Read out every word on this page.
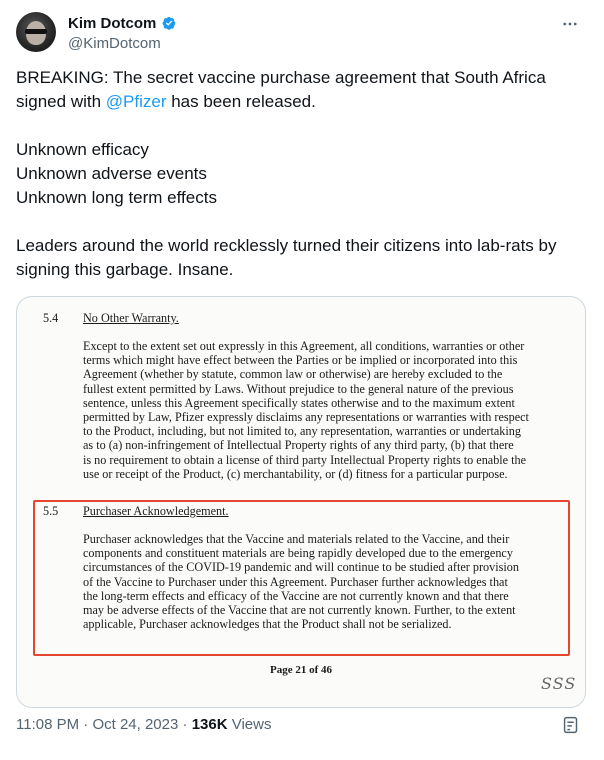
Kim Dotcom
@KimDotcom

BREAKING: The secret vaccine purchase agreement that South Africa

signed with @Pfizer has been released.

Unknown efficacy

Unknown adverse events

Unknown long term effects

Leaders around the world recklessly turned their citizens into lab-rats by

signing this garbage. Insane.

5.4 No Other Warranty.
Except to the extent set out expressly in this Agreement, all conditions, warranties or other
terms which might have effect between the Parties or be implied or incorporated into this
Agreement (whether by statute, common law or otherwise) are hereby excluded to the
fullest extent permitted by Laws. Without prejudice to the general nature of the previous
sentence, unless this Agreement specifically states otherwise and to the maximum extent
permitted by Law, Pfizer expressly disclaims any representations or warranties with respect
to the Product, including, but not limited to, any representation, warranties or undertaking
as to (a) non-infringement of Intellectual Property rights of any third party, (b) that there
is no requirement to obtain a license of third party Intellectual Property rights to enable the
use or receipt of the Product, (c) merchantability, or (d) fitness for a particular purpose.
5.5 Purchaser Acknowledgement.
Purchaser acknowledges that the Vaccine and materials related to the Vaccine, and their
components and constituent materials are being rapidly developed due to the emergency
circumstances of the COVID-19 pandemic and will continue to be studied after provision
of the Vaccine to Purchaser under this Agreement. Purchaser further acknowledges that
the long-term effects and efficacy of the Vaccine are not currently known and that there
may be adverse effects of the Vaccine that are not currently known. Further, to the extent
applicable, Purchaser acknowledges that the Product shall not be serialized.
Page 21 of 46
SSS
11:08 PM · Oct 24, 2023 · 136K Views
